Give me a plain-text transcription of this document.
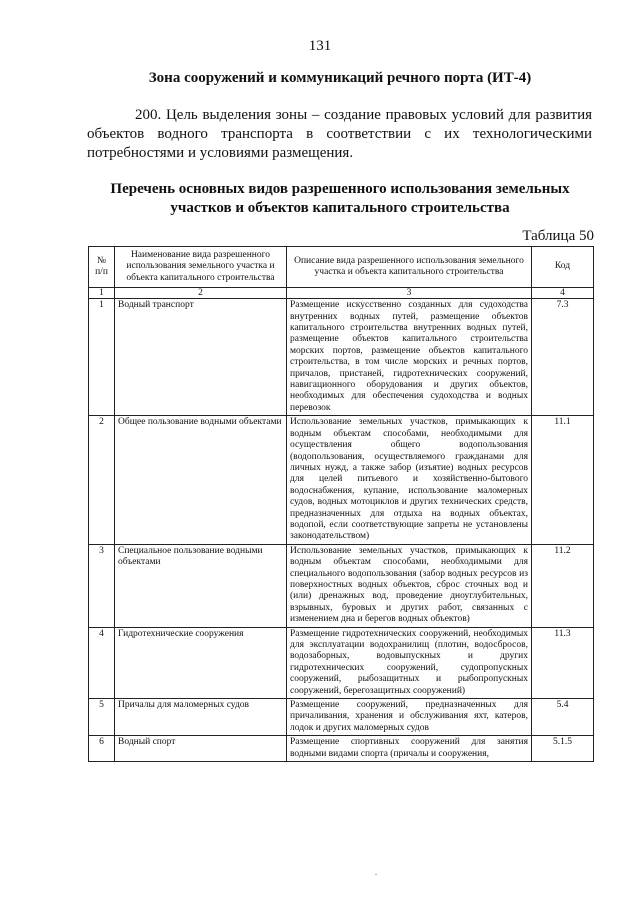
131
Зона сооружений и коммуникаций речного порта (ИТ-4)
200. Цель выделения зоны – создание правовых условий для развития объектов водного транспорта в соответствии с их технологическими потребностями и условиями размещения.
Перечень основных видов разрешенного использования земельных участков и объектов капитального строительства
Таблица 50
№ п/п	Наименование вида разрешенного использования земельного участка и объекта капитального строительства	Описание вида разрешенного использования земельного участка и объекта капитального строительства	Код
1	2	3	4
1	Водный транспорт	Размещение искусственно созданных для судоходства внутренних водных путей, размещение объектов капитального строительства внутренних водных путей, размещение объектов капитального строительства морских портов, размещение объектов капитального строительства, в том числе морских и речных портов, причалов, пристаней, гидротехнических сооружений, навигационного оборудования и других объектов, необходимых для обеспечения судоходства и водных перевозок	7.3
2	Общее пользование водными объектами	Использование земельных участков, примыкающих к водным объектам способами, необходимыми для осуществления общего водопользования (водопользования, осуществляемого гражданами для личных нужд, а также забор (изъятие) водных ресурсов для целей питьевого и хозяйственно-бытового водоснабжения, купание, использование маломерных судов, водных мотоциклов и других технических средств, предназначенных для отдыха на водных объектах, водопой, если соответствующие запреты не установлены законодательством)	11.1
3	Специальное пользование водными объектами	Использование земельных участков, примыкающих к водным объектам способами, необходимыми для специального водопользования (забор водных ресурсов из поверхностных водных объектов, сброс сточных вод и (или) дренажных вод, проведение дноуглубительных, взрывных, буровых и других работ, связанных с изменением дна и берегов водных объектов)	11.2
4	Гидротехнические сооружения	Размещение гидротехнических сооружений, необходимых для эксплуатации водохранилищ (плотин, водосбросов, водозаборных, водовыпускных и других гидротехнических сооружений, судопропускных сооружений, рыбозащитных и рыбопропускных сооружений, берегозащитных сооружений)	11.3
5	Причалы для маломерных судов	Размещение сооружений, предназначенных для причаливания, хранения и обслуживания яхт, катеров, лодок и других маломерных судов	5.4
6	Водный спорт	Размещение спортивных сооружений для занятия водными видами спорта (причалы и сооружения,	5.1.5
.
